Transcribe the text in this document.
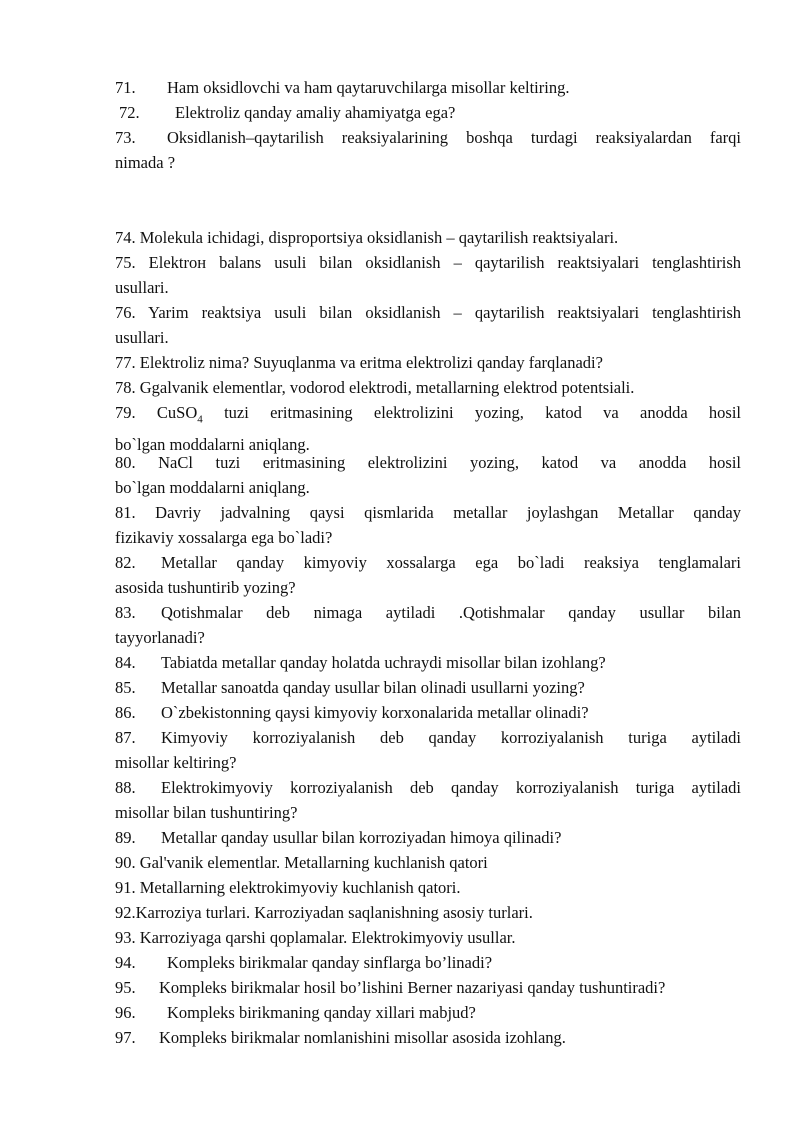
71. Ham oksidlovchi va ham qaytaruvchilarga misollar keltiring.

72. Elektroliz qanday amaliy ahamiyatga ega?

73. Oksidlanish–qaytarilish reaksiyalarining boshqa turdagi reaksiyalardan farqi
nimada ?

74. Molekula ichidagi, disproportsiya oksidlanish – qaytarilish reaktsiyalari.

75. Elektroн balans usuli bilan oksidlanish – qaytarilish reaktsiyalari tenglashtirish
usullari.
76. Yarim reaktsiya usuli bilan oksidlanish – qaytarilish reaktsiyalari tenglashtirish
usullari.

77. Elektroliz nima? Suyuqlanma va eritma elektrolizi qanday farqlanadi?

78. Ggalvanik elementlar, vodorod elektrodi, metallarning elektrod potentsiali.

79. CuSO$_4$ tuzi eritmasining elektrolizini yozing, katod va anodda hosil
bo`lgan moddalarni aniqlang.
80. NaCl tuzi eritmasining elektrolizini yozing, katod va anodda hosil
bo`lgan moddalarni aniqlang.
81. Davriy jadvalning qaysi qismlarida metallar joylashgan Metallar qanday
fizikaviy xossalarga ega bo`ladi?
82. Metallar qanday kimyoviy xossalarga ega bo`ladi reaksiya tenglamalari
asosida tushuntirib yozing?
83. Qotishmalar deb nimaga aytiladi .Qotishmalar qanday usullar bilan
tayyorlanadi?

84. Tabiatda metallar qanday holatda uchraydi misollar bilan izohlang?

85. Metallar sanoatda qanday usullar bilan olinadi usullarni yozing?

86. O`zbekistonning qaysi kimyoviy korxonalarida metallar olinadi?

87. Kimyoviy korroziyalanish deb qanday korroziyalanish turiga aytiladi
misollar keltiring?
88. Elektrokimyoviy korroziyalanish deb qanday korroziyalanish turiga aytiladi
misollar bilan tushuntiring?

89. Metallar qanday usullar bilan korroziyadan himoya qilinadi?

90. Gal'vanik elementlar. Metallarning kuchlanish qatori

91. Metallarning elektrokimyoviy kuchlanish qatori.

92.Karroziya turlari. Karroziyadan saqlanishning asosiy turlari.

93. Karroziyaga qarshi qoplamalar. Elektrokimyoviy usullar.

94. Kompleks birikmalar qanday sinflarga bo’linadi?

95. Kompleks birikmalar hosil bo’lishini Berner nazariyasi qanday tushuntiradi?

96. Kompleks birikmaning qanday xillari mabjud?

97. Kompleks birikmalar nomlanishini misollar asosida izohlang.
